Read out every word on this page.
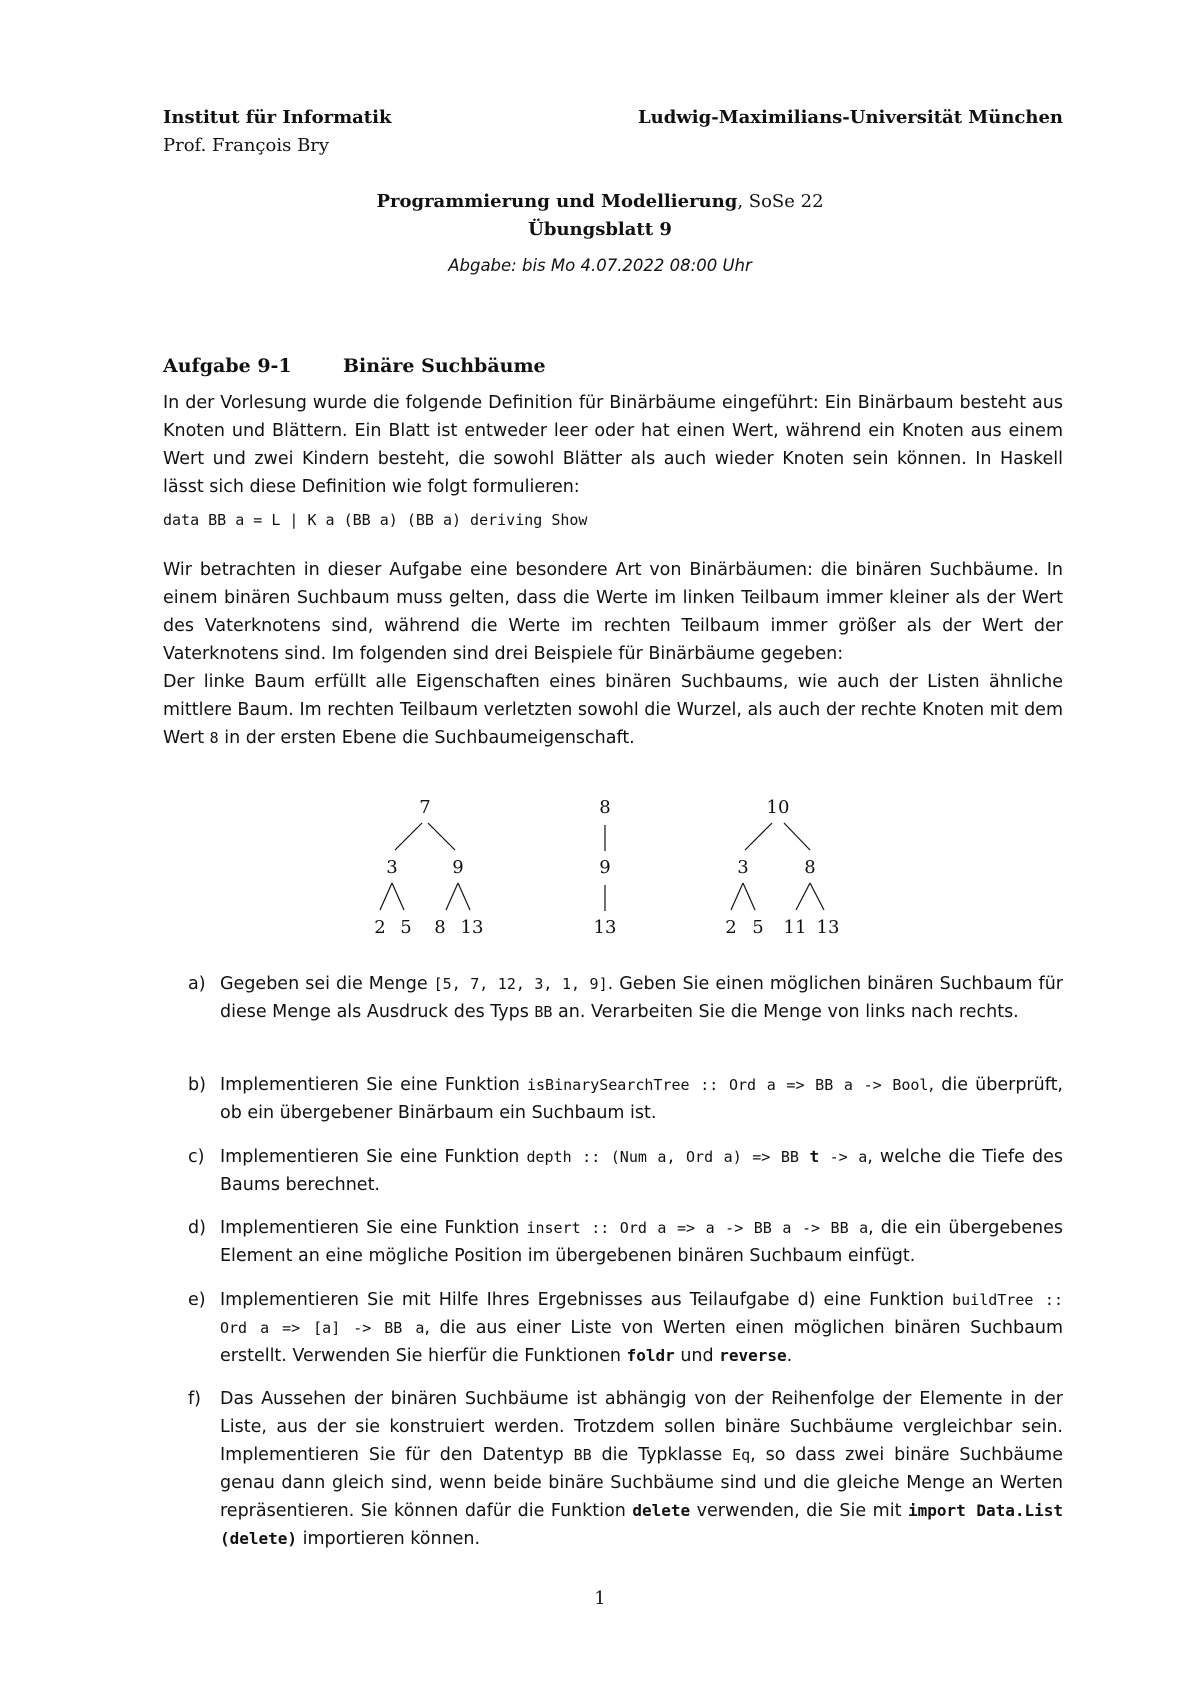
Institut für Informatik
Prof. François Bry
Ludwig-Maximilians-Universität München
Programmierung und Modellierung, SoSe 22
Übungsblatt 9
Abgabe: bis Mo 4.07.2022 08:00 Uhr
Aufgabe 9-1	Binäre Suchbäume
In der Vorlesung wurde die folgende Definition für Binärbäume eingeführt: Ein Binärbaum besteht aus Knoten und Blättern. Ein Blatt ist entweder leer oder hat einen Wert, während ein Knoten aus einem Wert und zwei Kindern besteht, die sowohl Blätter als auch wieder Knoten sein können. In Haskell lässt sich diese Definition wie folgt formulieren:
data BB a = L | K a (BB a) (BB a) deriving Show
Wir betrachten in dieser Aufgabe eine besondere Art von Binärbäumen: die binären Suchbäume. In einem binären Suchbaum muss gelten, dass die Werte im linken Teilbaum immer kleiner als der Wert des Vaterknotens sind, während die Werte im rechten Teilbaum immer größer als der Wert der Vaterknotens sind. Im folgenden sind drei Beispiele für Binärbäume gegeben:
Der linke Baum erfüllt alle Eigenschaften eines binären Suchbaums, wie auch der Listen ähnliche mittlere Baum. Im rechten Teilbaum verletzten sowohl die Wurzel, als auch der rechte Knoten mit dem Wert 8 in der ersten Ebene die Suchbaumeigenschaft.
7
3	9
2 5 8 13
8
9
13
10
3	8
2 5 11 13
a) Gegeben sei die Menge [5, 7, 12, 3, 1, 9]. Geben Sie einen möglichen binären Suchbaum für diese Menge als Ausdruck des Typs BB an. Verarbeiten Sie die Menge von links nach rechts.
b) Implementieren Sie eine Funktion isBinarySearchTree :: Ord a => BB a -> Bool, die überprüft, ob ein übergebener Binärbaum ein Suchbaum ist.
c) Implementieren Sie eine Funktion depth :: (Num a, Ord a) => BB t -> a, welche die Tiefe des Baums berechnet.
d) Implementieren Sie eine Funktion insert :: Ord a => a -> BB a -> BB a, die ein übergebenes Element an eine mögliche Position im übergebenen binären Suchbaum einfügt.
e) Implementieren Sie mit Hilfe Ihres Ergebnisses aus Teilaufgabe d) eine Funktion buildTree :: Ord a => [a] -> BB a, die aus einer Liste von Werten einen möglichen binären Suchbaum erstellt. Verwenden Sie hierfür die Funktionen foldr und reverse.
f) Das Aussehen der binären Suchbäume ist abhängig von der Reihenfolge der Elemente in der Liste, aus der sie konstruiert werden. Trotzdem sollen binäre Suchbäume vergleichbar sein. Implementieren Sie für den Datentyp BB die Typklasse Eq, so dass zwei binäre Suchbäume genau dann gleich sind, wenn beide binäre Suchbäume sind und die gleiche Menge an Werten repräsentieren. Sie können dafür die Funktion delete verwenden, die Sie mit import Data.List (delete) importieren können.
1
